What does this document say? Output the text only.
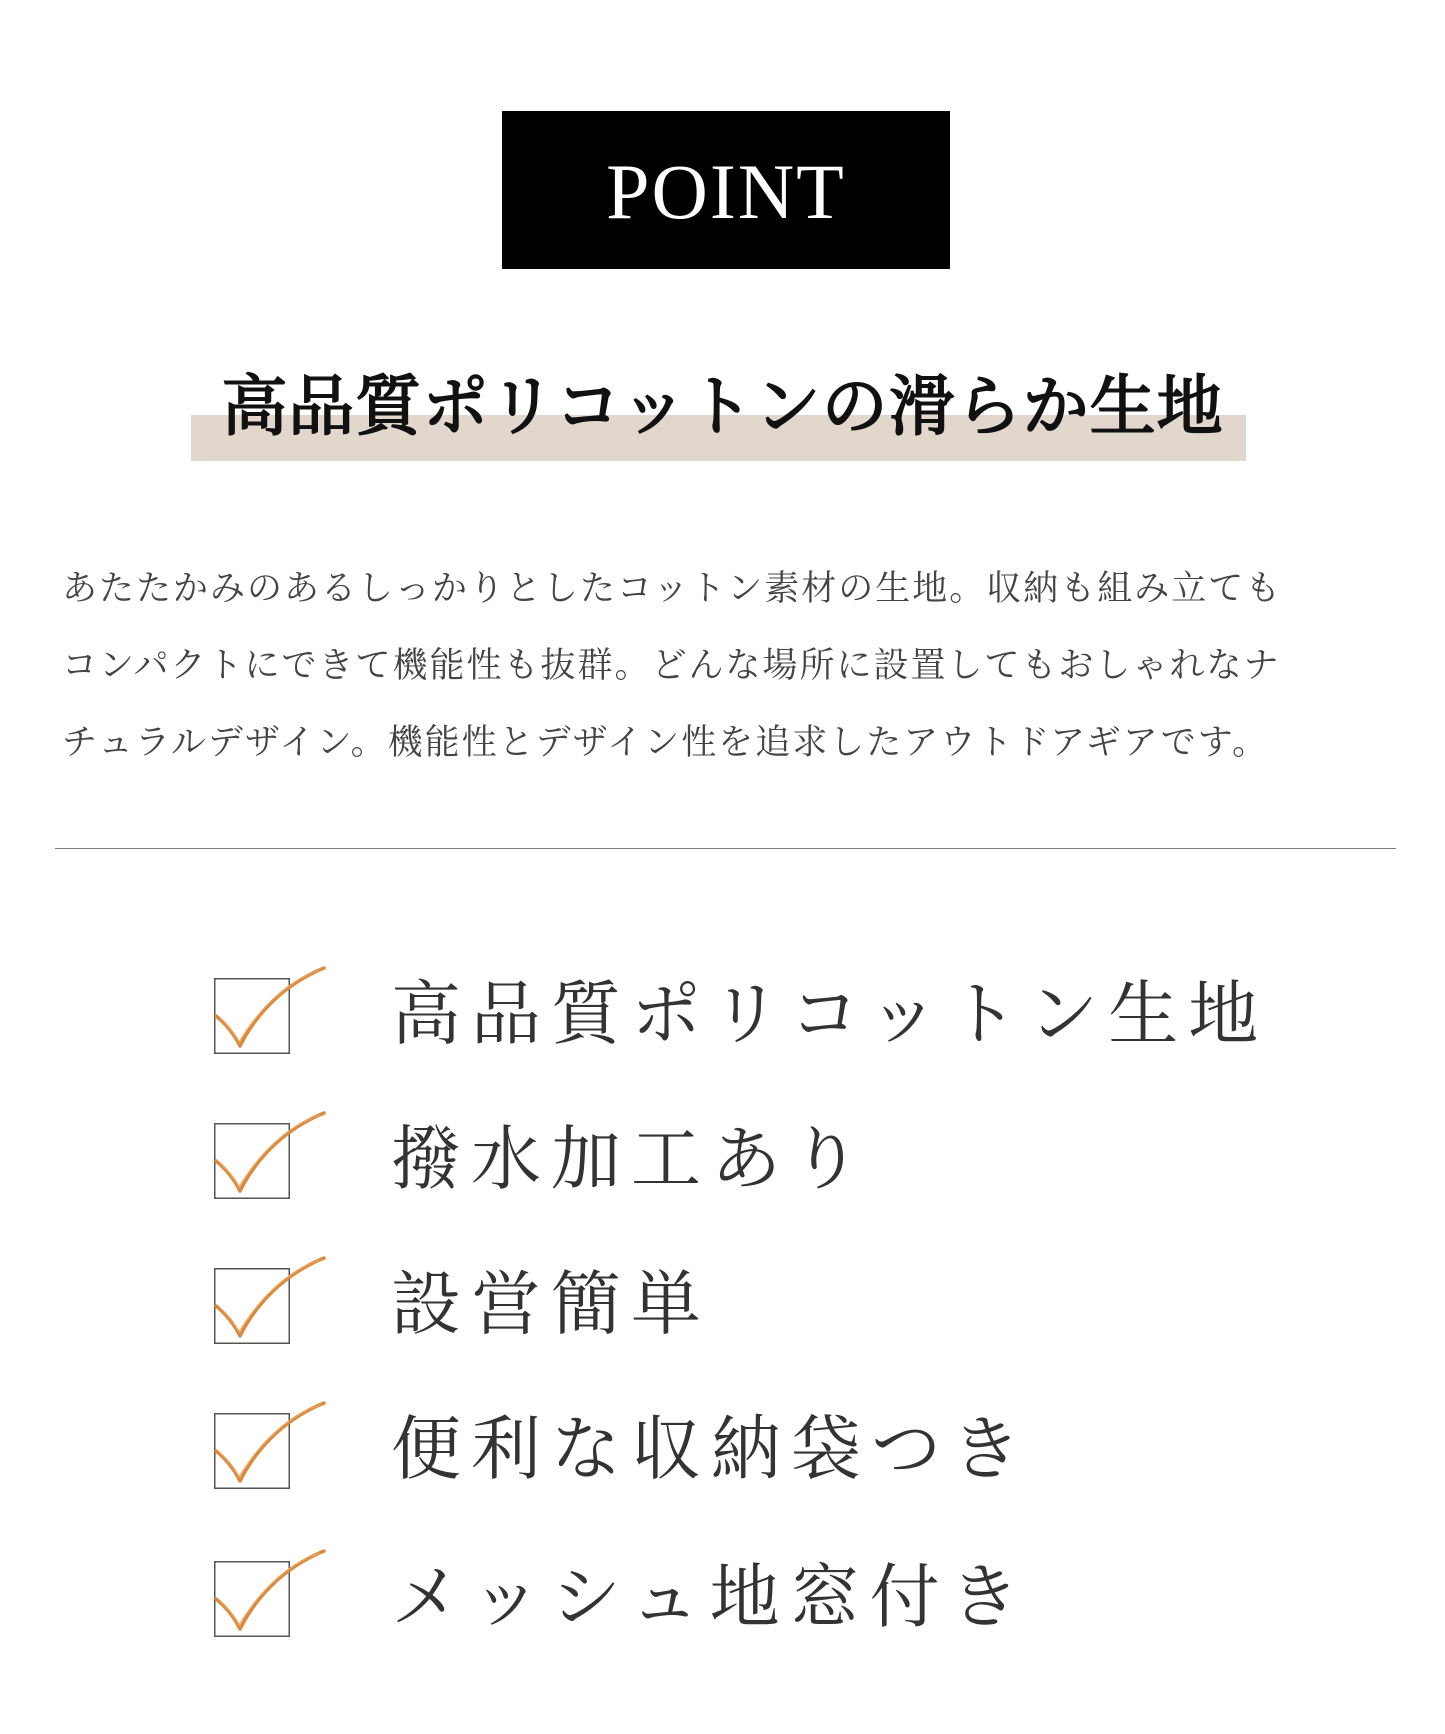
POINT
高品質ポリコットンの滑らか生地

あたたかみのあるしっかりとしたコットン素材の生地。収納も組み立ても

コンパクトにできて機能性も抜群。どんな場所に設置してもおしゃれなナ

チュラルデザイン。機能性とデザイン性を追求したアウトドアギアです。

高品質ポリコットン生地
撥水加工あり
設営簡単
便利な収納袋つき
メッシュ地窓付き
